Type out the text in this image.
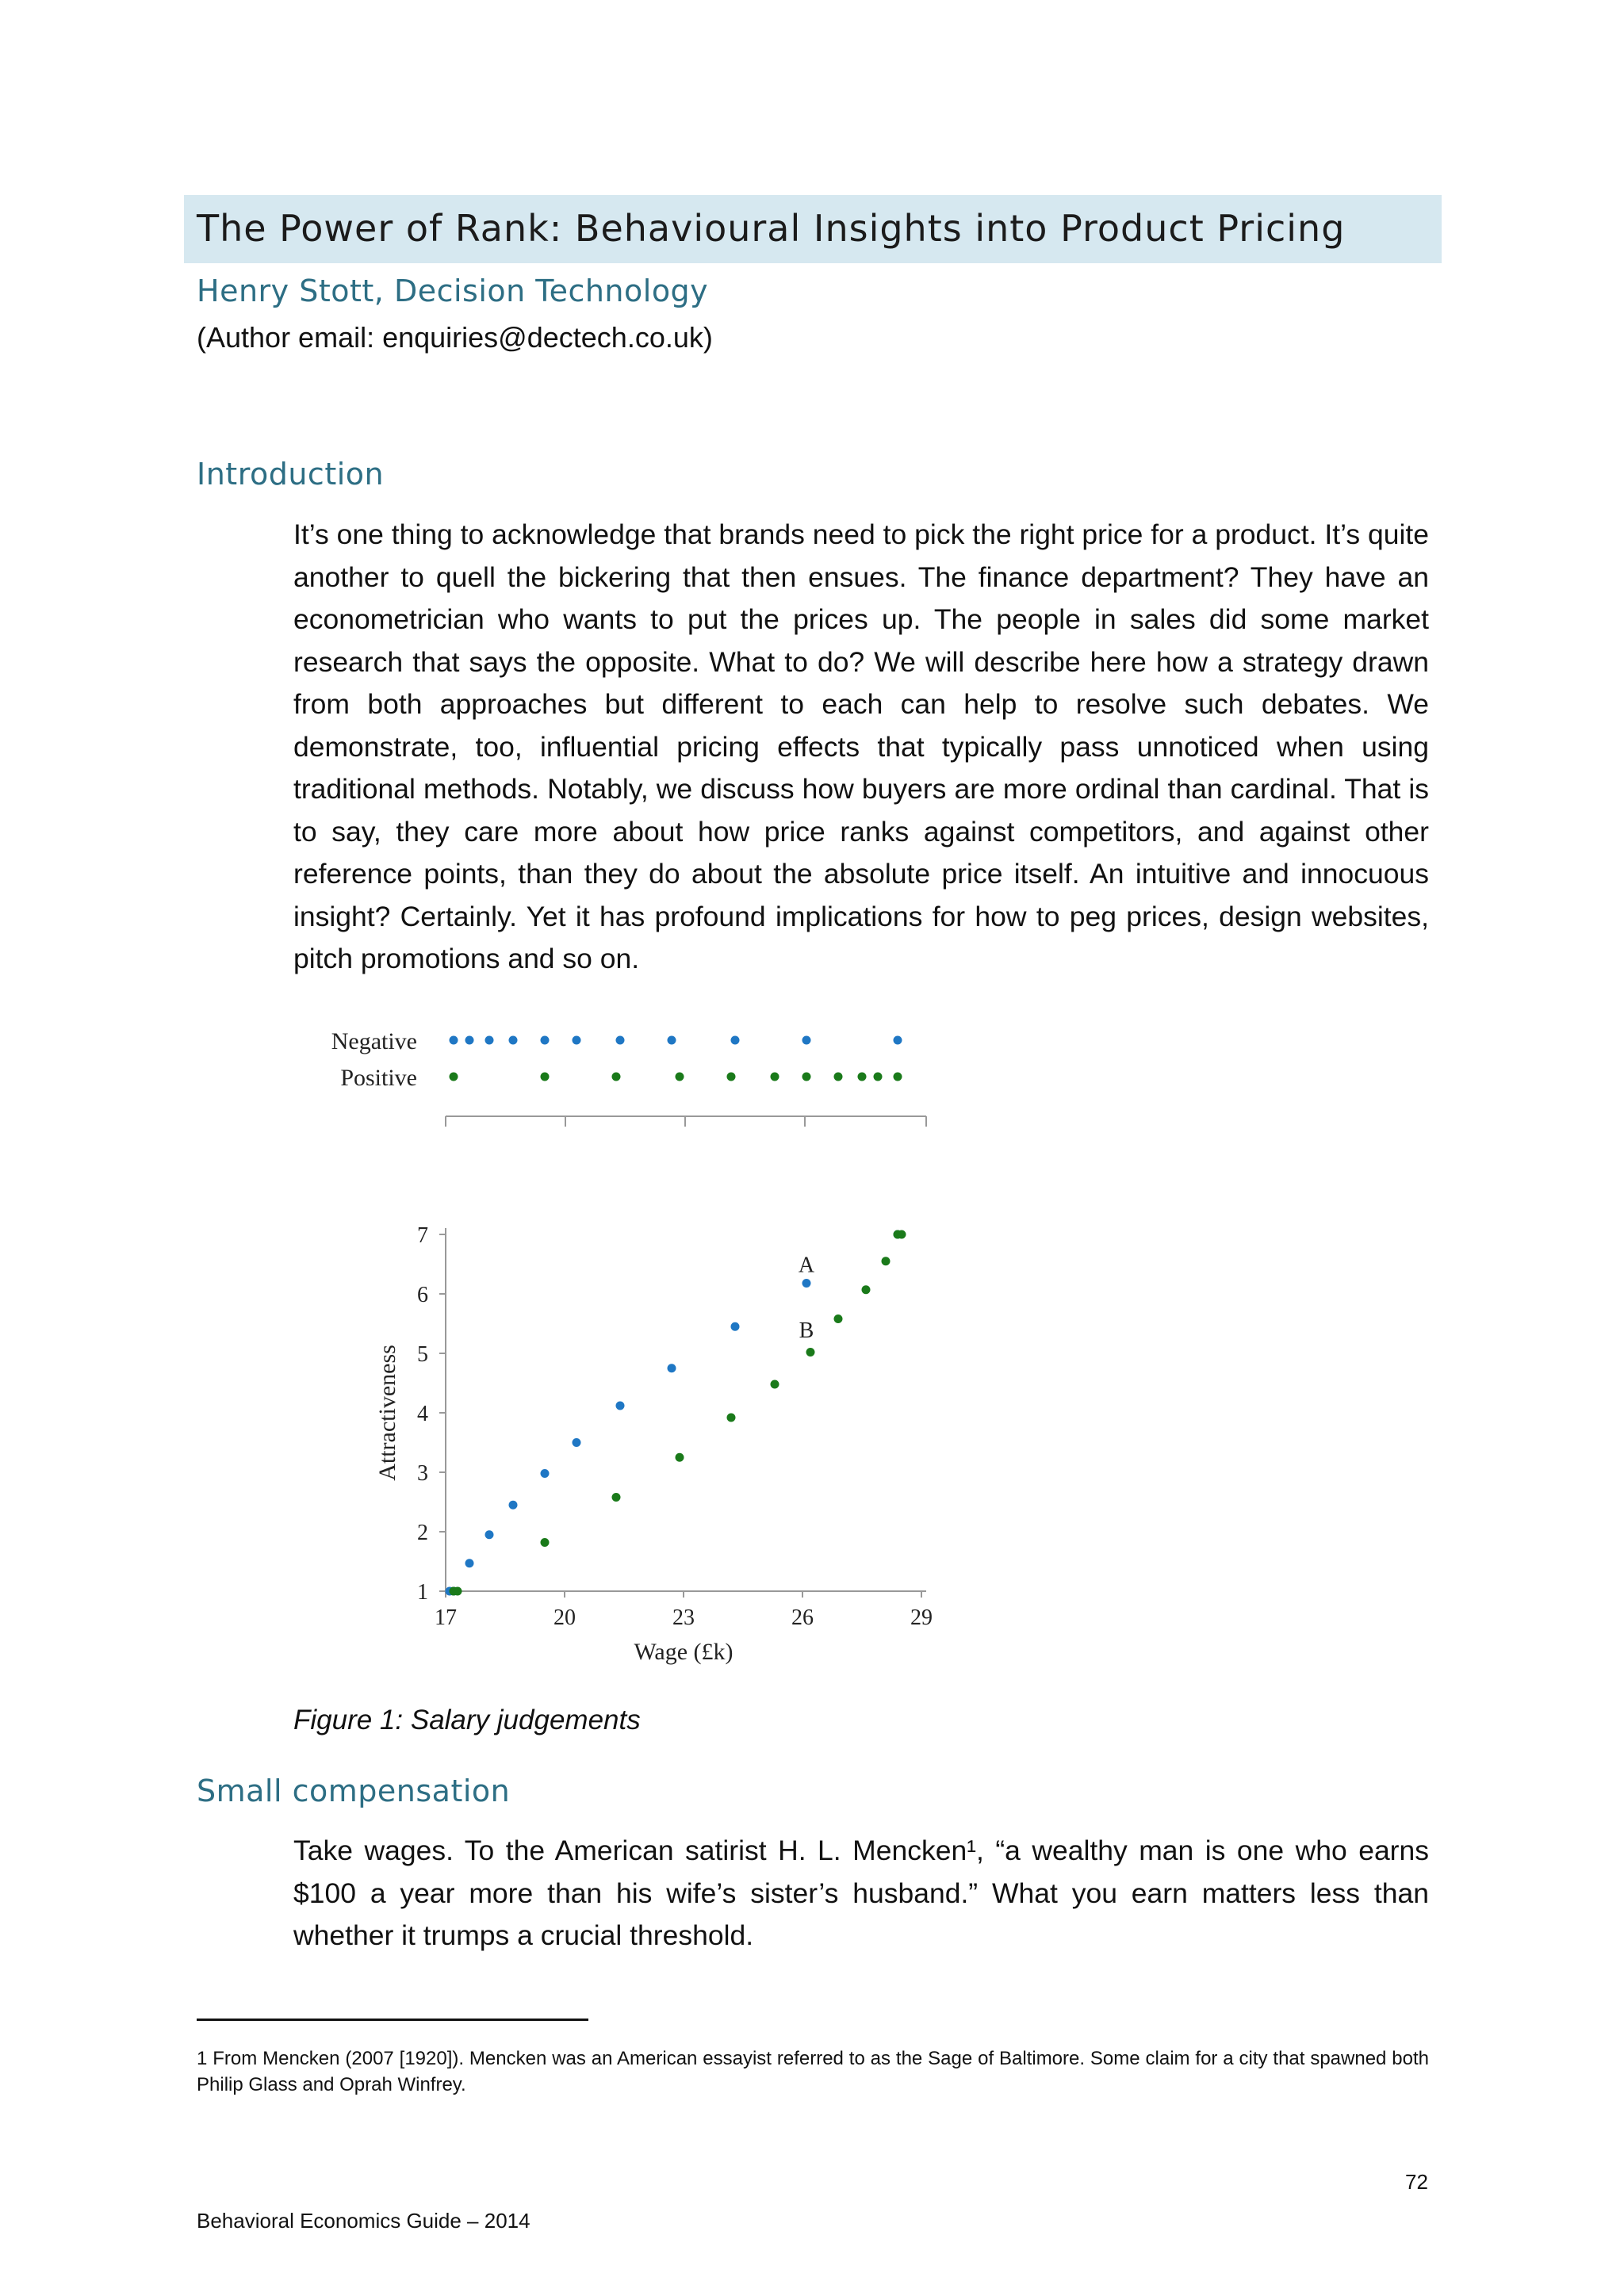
The Power of Rank: Behavioural Insights into Product Pricing
Henry Stott, Decision Technology
(Author email: enquiries@dectech.co.uk)
Introduction

It’s one thing to acknowledge that brands need to pick the right price for a product. It’s quite another to quell the bickering that then ensues. The finance department? They have an econometrician who wants to put the prices up. The people in sales did some market research that says the opposite. What to do? We will describe here how a strategy drawn from both approaches but different to each can help to resolve such debates. We demonstrate, too, influential pricing effects that typically pass unnoticed when using traditional methods. Notably, we discuss how buyers are more ordinal than cardinal. That is to say, they care more about how price ranks against competitors, and against other reference points, than they do about the absolute price itself. An intuitive and innocuous insight? Certainly. Yet it has profound implications for how to peg prices, design websites, pitch promotions and so on.

Negative
Positive
1
2
3
4
5
6
7
17	20	23	26	29
Wage (£k)
Attractiveness
A
B
Figure 1: Salary judgements
Small compensation

Take wages. To the American satirist H. L. Mencken¹, “a wealthy man is one who earns $100 a year more than his wife’s sister’s husband.” What you earn matters less than whether it trumps a crucial threshold.

1 From Mencken (2007 [1920]). Mencken was an American essayist referred to as the Sage of Baltimore. Some claim for a city that spawned both Philip Glass and Oprah Winfrey.

72
Behavioral Economics Guide – 2014
